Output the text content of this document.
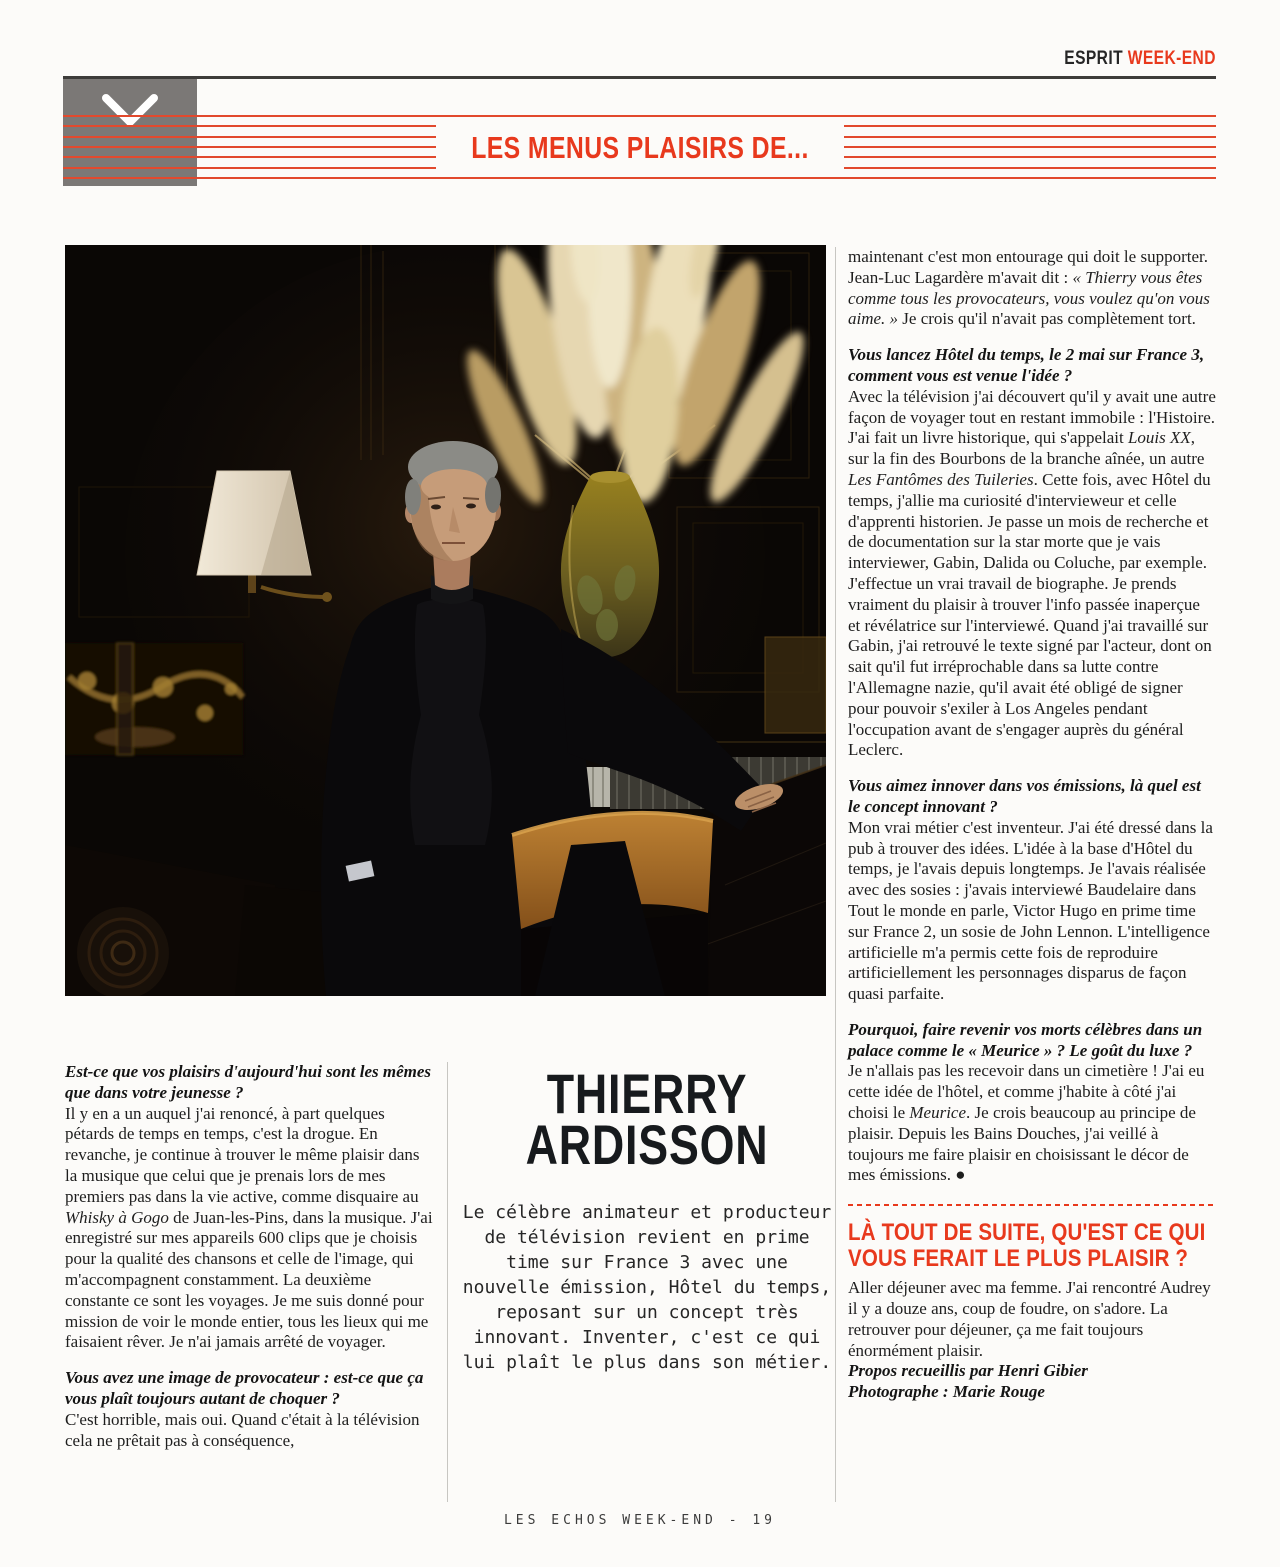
ESPRIT WEEK-END
LES MENUS PLAISIRS DE...

Est-ce que vos plaisirs d'aujourd'hui sont les mêmes que dans votre jeunesse ?

Il y en a un auquel j'ai renoncé, à part quelques pétards de temps en temps, c'est la drogue. En revanche, je continue à trouver le même plaisir dans la musique que celui que je prenais lors de mes premiers pas dans la vie active, comme disquaire au Whisky à Gogo de Juan-les-Pins, dans la musique. J'ai enregistré sur mes appareils 600 clips que je choisis pour la qualité des chansons et celle de l'image, qui m'accompagnent constamment. La deuxième constante ce sont les voyages. Je me suis donné pour mission de voir le monde entier, tous les lieux qui me faisaient rêver. Je n'ai jamais arrêté de voyager.

Vous avez une image de provocateur : est-ce que ça vous plaît toujours autant de choquer ?

C'est horrible, mais oui. Quand c'était à la télévision cela ne prêtait pas à conséquence,

THIERRY
ARDISSON
Le célèbre animateur et producteur de télévision revient en prime time sur France 3 avec une nouvelle émission, Hôtel du temps, reposant sur un concept très innovant. Inventer, c'est ce qui lui plaît le plus dans son métier.

maintenant c'est mon entourage qui doit le supporter. Jean-Luc Lagardère m'avait dit : « Thierry vous êtes comme tous les provocateurs, vous voulez qu'on vous aime. » Je crois qu'il n'avait pas complètement tort.

Vous lancez Hôtel du temps, le 2 mai sur France 3, comment vous est venue l'idée ?

Avec la télévision j'ai découvert qu'il y avait une autre façon de voyager tout en restant immobile : l'Histoire. J'ai fait un livre historique, qui s'appelait Louis XX, sur la fin des Bourbons de la branche aînée, un autre Les Fantômes des Tuileries. Cette fois, avec Hôtel du temps, j'allie ma curiosité d'intervieweur et celle d'apprenti historien. Je passe un mois de recherche et de documentation sur la star morte que je vais interviewer, Gabin, Dalida ou Coluche, par exemple. J'effectue un vrai travail de biographe. Je prends vraiment du plaisir à trouver l'info passée inaperçue et révélatrice sur l'interviewé. Quand j'ai travaillé sur Gabin, j'ai retrouvé le texte signé par l'acteur, dont on sait qu'il fut irréprochable dans sa lutte contre l'Allemagne nazie, qu'il avait été obligé de signer pour pouvoir s'exiler à Los Angeles pendant l'occupation avant de s'engager auprès du général Leclerc.

Vous aimez innover dans vos émissions, là quel est le concept innovant ?

Mon vrai métier c'est inventeur. J'ai été dressé dans la pub à trouver des idées. L'idée à la base d'Hôtel du temps, je l'avais depuis longtemps. Je l'avais réalisée avec des sosies : j'avais interviewé Baudelaire dans Tout le monde en parle, Victor Hugo en prime time sur France 2, un sosie de John Lennon. L'intelligence artificielle m'a permis cette fois de reproduire artificiellement les personnages disparus de façon quasi parfaite.

Pourquoi, faire revenir vos morts célèbres dans un palace comme le « Meurice » ? Le goût du luxe ?

Je n'allais pas les recevoir dans un cimetière ! J'ai eu cette idée de l'hôtel, et comme j'habite à côté j'ai choisi le Meurice. Je crois beaucoup au principe de plaisir. Depuis les Bains Douches, j'ai veillé à toujours me faire plaisir en choisissant le décor de mes émissions. ●

LÀ TOUT DE SUITE, QU'EST CE QUI VOUS FERAIT LE PLUS PLAISIR ?

Aller déjeuner avec ma femme. J'ai rencontré Audrey il y a douze ans, coup de foudre, on s'adore. La retrouver pour déjeuner, ça me fait toujours énormément plaisir.

Propos recueillis par Henri Gibier

Photographe : Marie Rouge

LES ECHOS WEEK-END - 19
